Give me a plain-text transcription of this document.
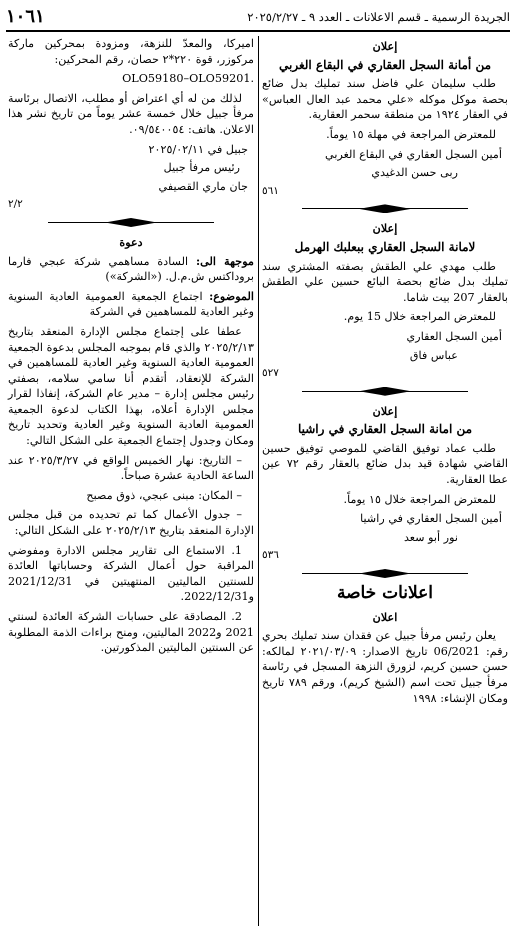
الجريدة الرسمية ـ قسم الاعلانات ـ العدد ٩ ـ ٢٠٢٥/٢/٢٧
١٠٦١
إعلان
من أمانة السجل العقاري في البقاع الغربي

طلب سليمان علي فاضل سند تمليك بدل ضائع بحصة موكل موكله «علي محمد عبد العال العباس» في العقار ١٩٢٤ من منطقة سحمر العقارية.

للمعترض المراجعة في مهلة ١٥ يوماً.

أمين السجل العقاري في البقاع الغربي
ربى حسن الدغيدي
٥٦١
إعلان
لامانة السجل العقاري ببعلبك الهرمل

طلب مهدي علي الطقش بصفته المشتري سند تمليك بدل ضائع بحصة البائع حسين علي الطقش بالعقار 207 بيت شاما.

للمعترض المراجعة خلال 15 يوم.

أمين السجل العقاري
عباس فاق
٥٢٧
إعلان
من امانة السجل العقاري في راشيا

طلب عماد توفيق القاضي للموصي توفيق حسين القاضي شهادة قيد بدل ضائع بالعقار رقم ٧٢ عين عطا العقارية.

للمعترض المراجعة خلال ١٥ يوماً.

أمين السجل العقاري في راشيا
نور أبو سعد
٥٣٦
اعلانات خاصة
اعلان

يعلن رئيس مرفأ جبيل عن فقدان سند تمليك بحري رقم: 06/2021 تاريخ الاصدار: ٢٠٢١/٠٣/٠٩ لمالكه: حسن حسين كريم، لزورق النزهة المسجل في رئاسة مرفأ جبيل تحت اسم (الشيخ كريم)، ورقم ٧٨٩ تاريخ ومكان الإنشاء: ١٩٩٨

اميركا، والمعدّ للنزهة، ومزودة بمحركين ماركة مركوزر، قوة ٢٢٠*٢ حصان، رقم المحركين:

OLO59180–OLO59201.

لذلك من له أي اعتراض أو مطلب، الاتصال برئاسة مرفأ جبيل خلال خمسة عشر يوماً من تاريخ نشر هذا الاعلان. هاتف: ٠٩/٥٤٠٠٥٤.

جبيل في ٢٠٢٥/٠٢/١١
رئيس مرفأ جبيل
جان ماري القصيفي
٢/٢
دعوة

موجهة الى: السادة مساهمي شركة عبجي فارما بروداكتس ش.م.ل. («الشركة»)

الموضوع: اجتماع الجمعية العمومية العادية السنوية وغير العادية للمساهمين في الشركة

عطفا على إجتماع مجلس الإدارة المنعقد بتاريخ ٢٠٢٥/٢/١٣ والذي قام بموجبه المجلس بدعوة الجمعية العمومية العادية السنوية وغير العادية للمساهمين في الشركة للإنعقاد، أتقدم أنا سامي سلامه، بصفتي رئيس مجلس إدارة – مدير عام الشركة، إنفاذا لقرار مجلس الإدارة أعلاه، بهذا الكتاب لدعوة الجمعية العمومية العادية السنوية وغير العادية وتحديد تاريخ ومكان وجدول إجتماع الجمعية على الشكل التالي:

– التاريخ: نهار الخميس الواقع في ٢٠٢٥/٣/٢٧ عند الساعة الحادية عشرة صباحاً.

– المكان: مبنى عبجي، ذوق مصبح

– جدول الأعمال كما تم تحديده من قبل مجلس الإدارة المنعقد بتاريخ ٢٠٢٥/٢/١٣ على الشكل التالي:

1. الاستماع الى تقارير مجلس الادارة ومفوضي المراقبة حول أعمال الشركة وحساباتها العائدة للسنتين الماليتين المنتهيتين في 2021/12/31 و2022/12/31.

2. المصادقة على حسابات الشركة العائدة لسنتي 2021 و2022 الماليتين، ومنح براءات الذمة المطلوبة عن السنتين الماليتين المذكورتين.
